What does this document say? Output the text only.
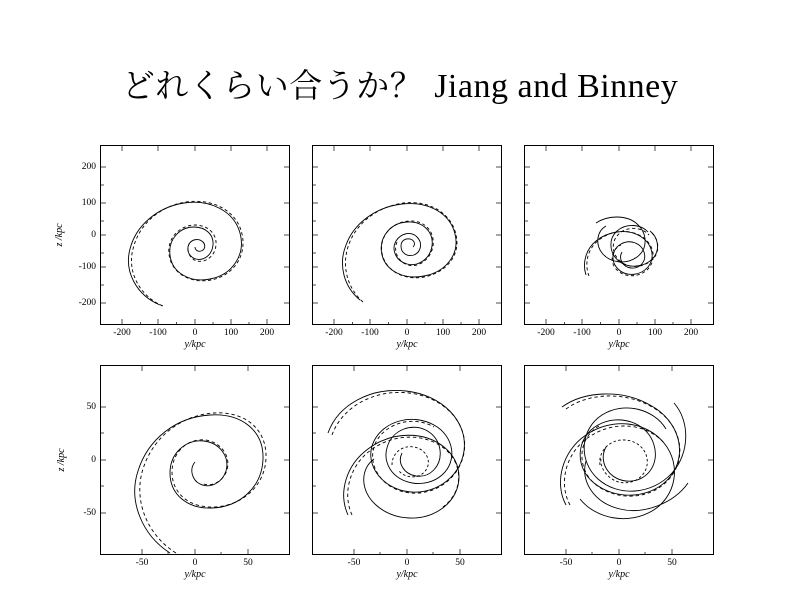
どれくらい合うか？ Jiang and Binney
-200 -100	0	100 200
200
100
0
-100
-200
y/kpc
z /kpc
-200 -100	0	100 200
y/kpc
-200 -100	0	100 200
y/kpc
-50	0	50
50
0
-50
y/kpc
z /kpc
-50	0	50
y/kpc
-50	0	50
y/kpc
